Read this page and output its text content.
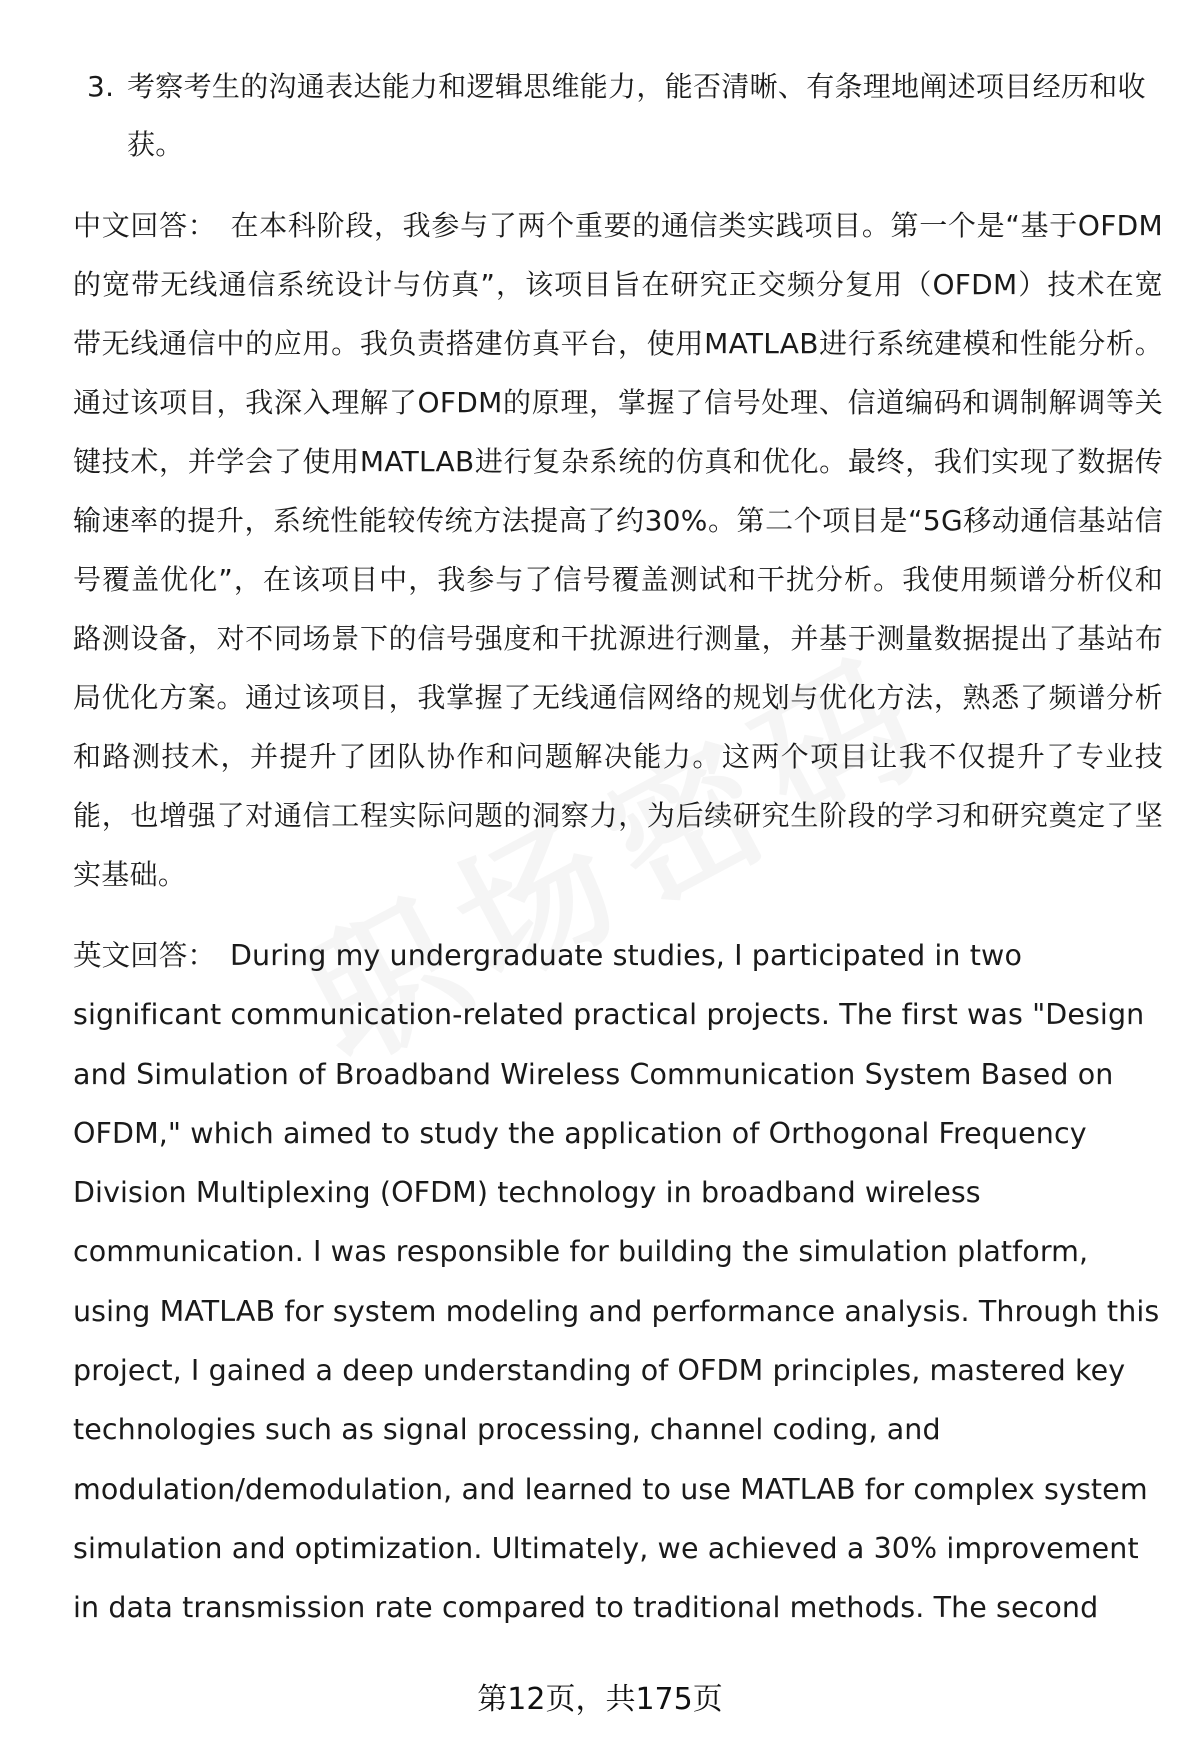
3. 考察考生的沟通表达能力和逻辑思维能力，能否清晰、有条理地阐述项目经历和收获。
中文回答： 在本科阶段，我参与了两个重要的通信类实践项目。第一个是“基于OFDM的宽带无线通信系统设计与仿真”，该项目旨在研究正交频分复用（OFDM）技术在宽带无线通信中的应用。我负责搭建仿真平台，使用MATLAB进行系统建模和性能分析。通过该项目，我深入理解了OFDM的原理，掌握了信号处理、信道编码和调制解调等关键技术，并学会了使用MATLAB进行复杂系统的仿真和优化。最终，我们实现了数据传输速率的提升，系统性能较传统方法提高了约30%。第二个项目是“5G移动通信基站信号覆盖优化”，在该项目中，我参与了信号覆盖测试和干扰分析。我使用频谱分析仪和路测设备，对不同场景下的信号强度和干扰源进行测量，并基于测量数据提出了基站布局优化方案。通过该项目，我掌握了无线通信网络的规划与优化方法，熟悉了频谱分析和路测技术，并提升了团队协作和问题解决能力。这两个项目让我不仅提升了专业技能，也增强了对通信工程实际问题的洞察力，为后续研究生阶段的学习和研究奠定了坚实基础。
英文回答： During my undergraduate studies, I participated in two significant communication-related practical projects. The first was "Design and Simulation of Broadband Wireless Communication System Based on OFDM," which aimed to study the application of Orthogonal Frequency Division Multiplexing (OFDM) technology in broadband wireless communication. I was responsible for building the simulation platform, using MATLAB for system modeling and performance analysis. Through this project, I gained a deep understanding of OFDM principles, mastered key technologies such as signal processing, channel coding, and modulation/demodulation, and learned to use MATLAB for complex system simulation and optimization. Ultimately, we achieved a 30% improvement in data transmission rate compared to traditional methods. The second
第12页，共175页
